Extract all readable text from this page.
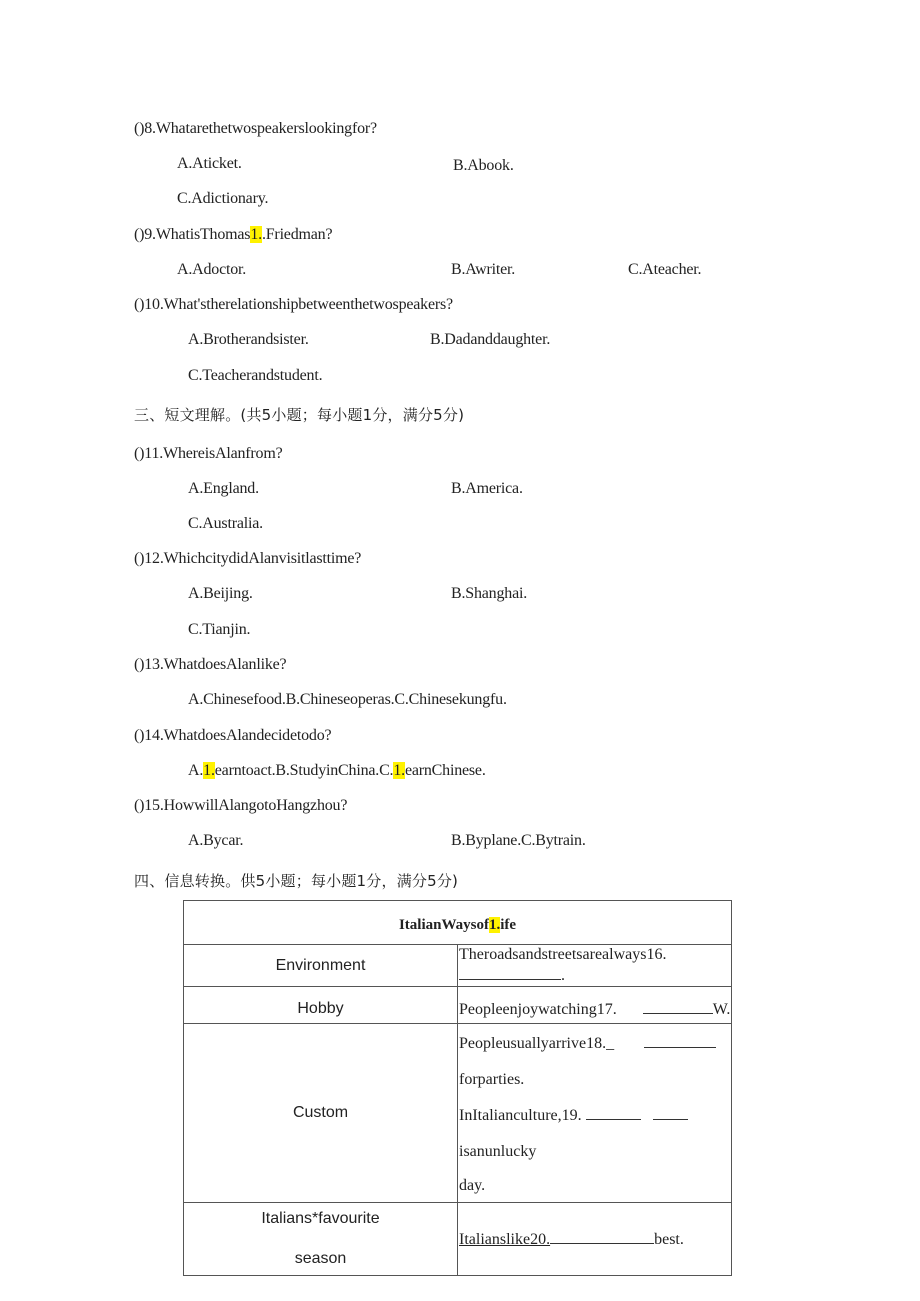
()8.Whatarethetwospeakerslookingfor?
A.Aticket.	B.Abook.
C.Adictionary.
()9.WhatisThomas1..Friedman?
A.Adoctor.	B.Awriter.	C.Ateacher.
()10.What'stherelationshipbetweenthetwospeakers?
A.Brotherandsister.	B.Dadanddaughter.
C.Teacherandstudent.
三、短文理解。(共5小题；每小题1分，满分5分)
()11.WhereisAlanfrom?
A.England.	B.America.
C.Australia.
()12.WhichcitydidAlanvisitlasttime?
A.Beijing.	B.Shanghai.
C.Tianjin.
()13.WhatdoesAlanlike?
A.Chinesefood.B.Chineseoperas.C.Chinesekungfu.
()14.WhatdoesAlandecidetodo?
A.1.earntoact.B.StudyinChina.C.1.earnChinese.
()15.HowwillAlangotoHangzhou?
A.Bycar.	B.Byplane.C.Bytrain.
四、信息转换。供5小题；每小题1分，满分5分)
ItalianWaysof1.ife	
Environment	Theroadsandstreetsarealways16. .
Hobby	Peopleenjoywatching17. W.
Custom	Peopleusuallyarrive18._forparties.
InItalianculture,19. isanunlucky
day.

Italians*favourite
season	Italianslike20. best.
